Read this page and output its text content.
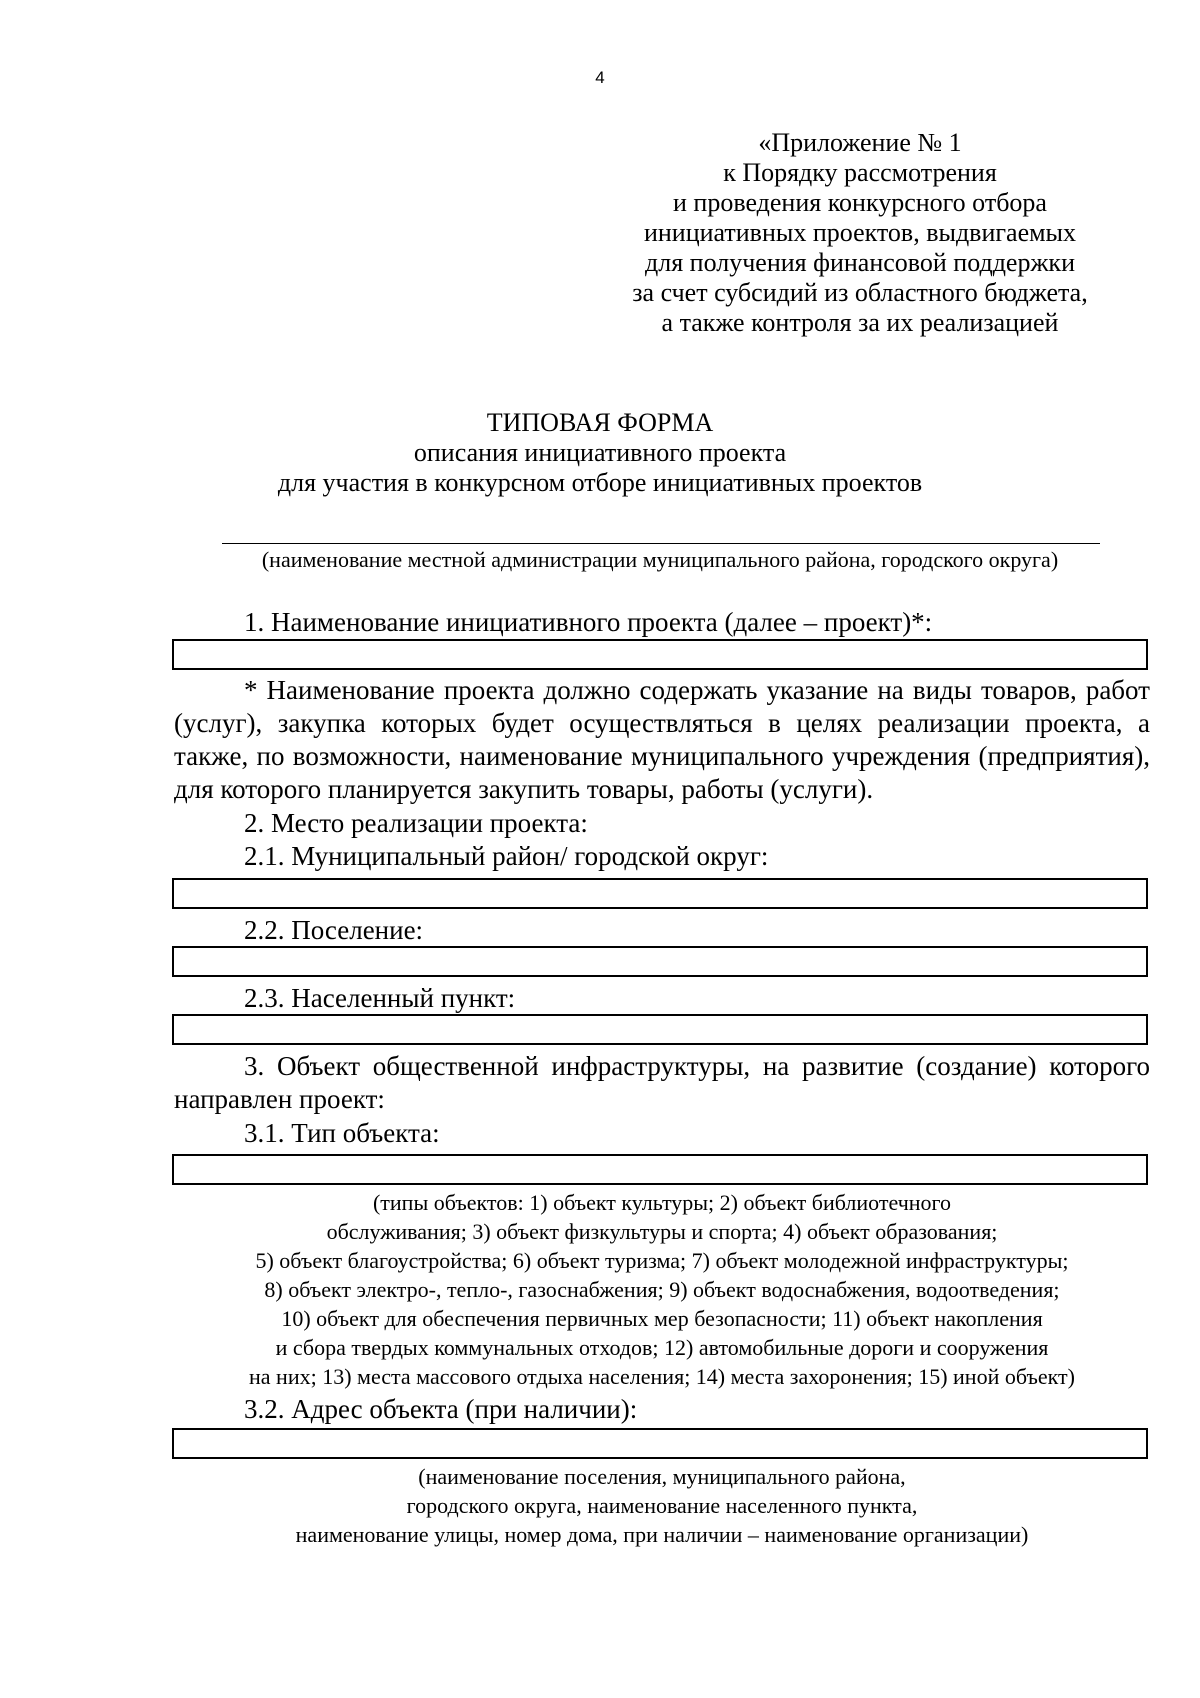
4
«Приложение № 1
к Порядку рассмотрения
и проведения конкурсного отбора
инициативных проектов, выдвигаемых
для получения финансовой поддержки
за счет субсидий из областного бюджета,
а также контроля за их реализацией
ТИПОВАЯ ФОРМА
описания инициативного проекта
для участия в конкурсном отборе инициативных проектов
(наименование местной администрации муниципального района, городского округа)
1. Наименование инициативного проекта (далее – проект)*:
* Наименование проекта должно содержать указание на виды товаров, работ (услуг), закупка которых будет осуществляться в целях реализации проекта, а также, по возможности, наименование муниципального учреждения (предприятия), для которого планируется закупить товары, работы (услуги).
2. Место реализации проекта:
2.1. Муниципальный район/ городской округ:
2.2. Поселение:
2.3. Населенный пункт:
3. Объект общественной инфраструктуры, на развитие (создание) которого направлен проект:
3.1. Тип объекта:
(типы объектов: 1) объект культуры; 2) объект библиотечного
обслуживания; 3) объект физкультуры и спорта; 4) объект образования;
5) объект благоустройства; 6) объект туризма; 7) объект молодежной инфраструктуры;
8) объект электро-, тепло-, газоснабжения; 9) объект водоснабжения, водоотведения;
10) объект для обеспечения первичных мер безопасности; 11) объект накопления
и сбора твердых коммунальных отходов; 12) автомобильные дороги и сооружения
на них; 13) места массового отдыха населения; 14) места захоронения; 15) иной объект)
3.2. Адрес объекта (при наличии):
(наименование поселения, муниципального района,
городского округа, наименование населенного пункта,
наименование улицы, номер дома, при наличии – наименование организации)
